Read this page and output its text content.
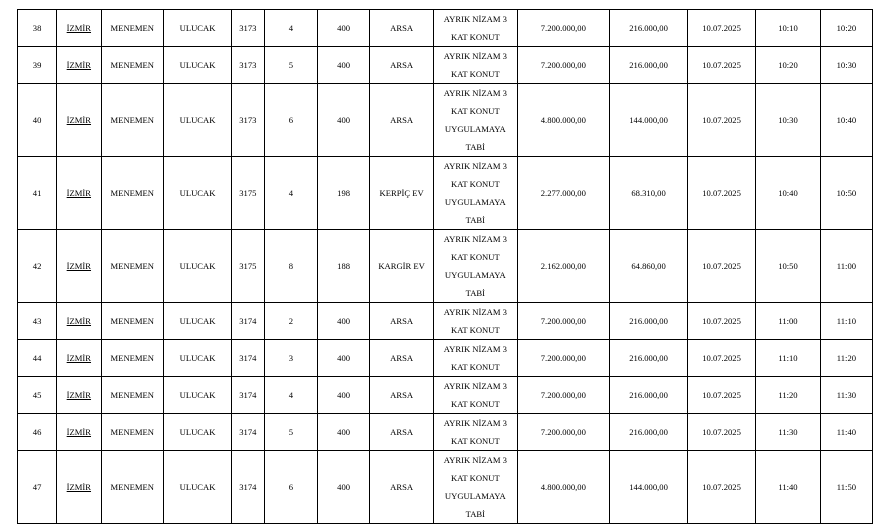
38	İZMİR	MENEMEN	ULUCAK	3173	4	400	ARSA	AYRIK NİZAM 3
KAT KONUT	7.200.000,00	216.000,00	10.07.2025	10:10	10:20
39	İZMİR	MENEMEN	ULUCAK	3173	5	400	ARSA	AYRIK NİZAM 3
KAT KONUT	7.200.000,00	216.000,00	10.07.2025	10:20	10:30
40	İZMİR	MENEMEN	ULUCAK	3173	6	400	ARSA	AYRIK NİZAM 3
KAT KONUT
UYGULAMAYA
TABİ	4.800.000,00	144.000,00	10.07.2025	10:30	10:40
41	İZMİR	MENEMEN	ULUCAK	3175	4	198	KERPİÇ EV	AYRIK NİZAM 3
KAT KONUT
UYGULAMAYA
TABİ	2.277.000,00	68.310,00	10.07.2025	10:40	10:50
42	İZMİR	MENEMEN	ULUCAK	3175	8	188	KARGİR EV	AYRIK NİZAM 3
KAT KONUT
UYGULAMAYA
TABİ	2.162.000,00	64.860,00	10.07.2025	10:50	11:00
43	İZMİR	MENEMEN	ULUCAK	3174	2	400	ARSA	AYRIK NİZAM 3
KAT KONUT	7.200.000,00	216.000,00	10.07.2025	11:00	11:10
44	İZMİR	MENEMEN	ULUCAK	3174	3	400	ARSA	AYRIK NİZAM 3
KAT KONUT	7.200.000,00	216.000,00	10.07.2025	11:10	11:20
45	İZMİR	MENEMEN	ULUCAK	3174	4	400	ARSA	AYRIK NİZAM 3
KAT KONUT	7.200.000,00	216.000,00	10.07.2025	11:20	11:30
46	İZMİR	MENEMEN	ULUCAK	3174	5	400	ARSA	AYRIK NİZAM 3
KAT KONUT	7.200.000,00	216.000,00	10.07.2025	11:30	11:40
47	İZMİR	MENEMEN	ULUCAK	3174	6	400	ARSA	AYRIK NİZAM 3
KAT KONUT
UYGULAMAYA
TABİ	4.800.000,00	144.000,00	10.07.2025	11:40	11:50
